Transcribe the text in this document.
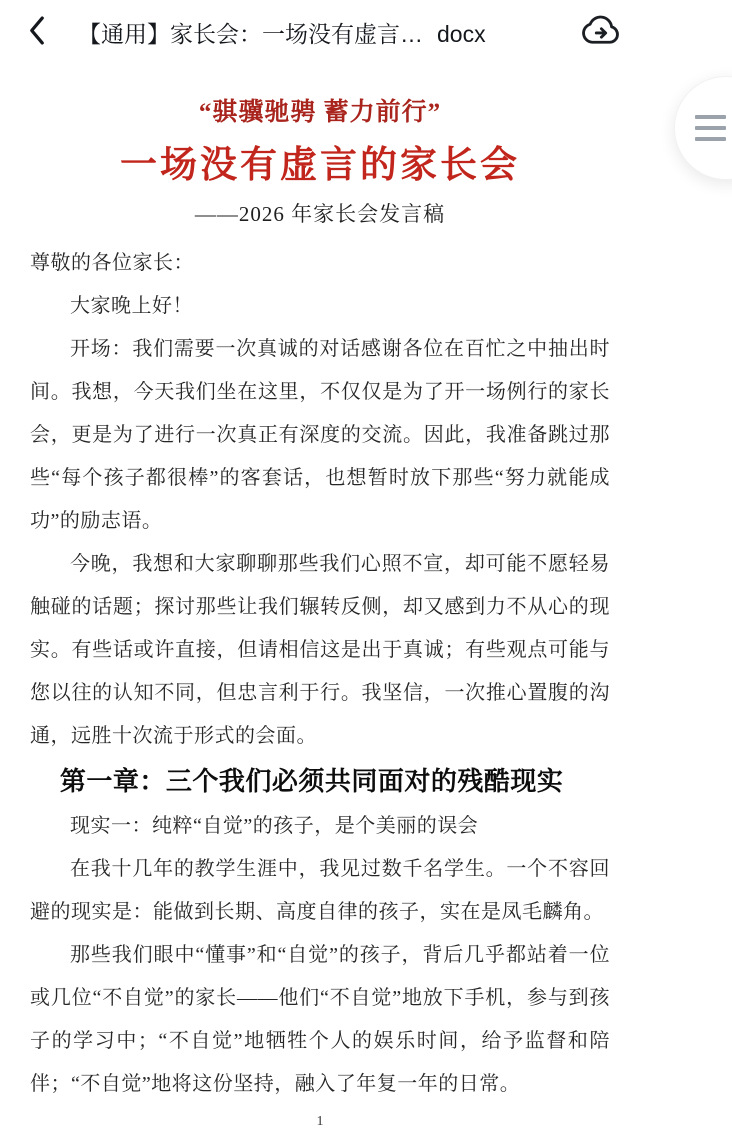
【通用】家长会：一场没有虚言… docx
“骐骥驰骋 蓄力前行”
一场没有虚言的家长会
——2026 年家长会发言稿

尊敬的各位家长：

大家晚上好！

开场：我们需要一次真诚的对话感谢各位在百忙之中抽出时间。我想，今天我们坐在这里，不仅仅是为了开一场例行的家长会，更是为了进行一次真正有深度的交流。因此，我准备跳过那些“每个孩子都很棒”的客套话，也想暂时放下那些“努力就能成功”的励志语。

今晚，我想和大家聊聊那些我们心照不宣，却可能不愿轻易触碰的话题；探讨那些让我们辗转反侧，却又感到力不从心的现实。有些话或许直接，但请相信这是出于真诚；有些观点可能与您以往的认知不同，但忠言利于行。我坚信，一次推心置腹的沟通，远胜十次流于形式的会面。

第一章：三个我们必须共同面对的残酷现实

现实一：纯粹“自觉”的孩子，是个美丽的误会

在我十几年的教学生涯中，我见过数千名学生。一个不容回避的现实是：能做到长期、高度自律的孩子，实在是凤毛麟角。

那些我们眼中“懂事”和“自觉”的孩子，背后几乎都站着一位或几位“不自觉”的家长——他们“不自觉”地放下手机，参与到孩子的学习中；“不自觉”地牺牲个人的娱乐时间，给予监督和陪伴；“不自觉”地将这份坚持，融入了年复一年的日常。

1
